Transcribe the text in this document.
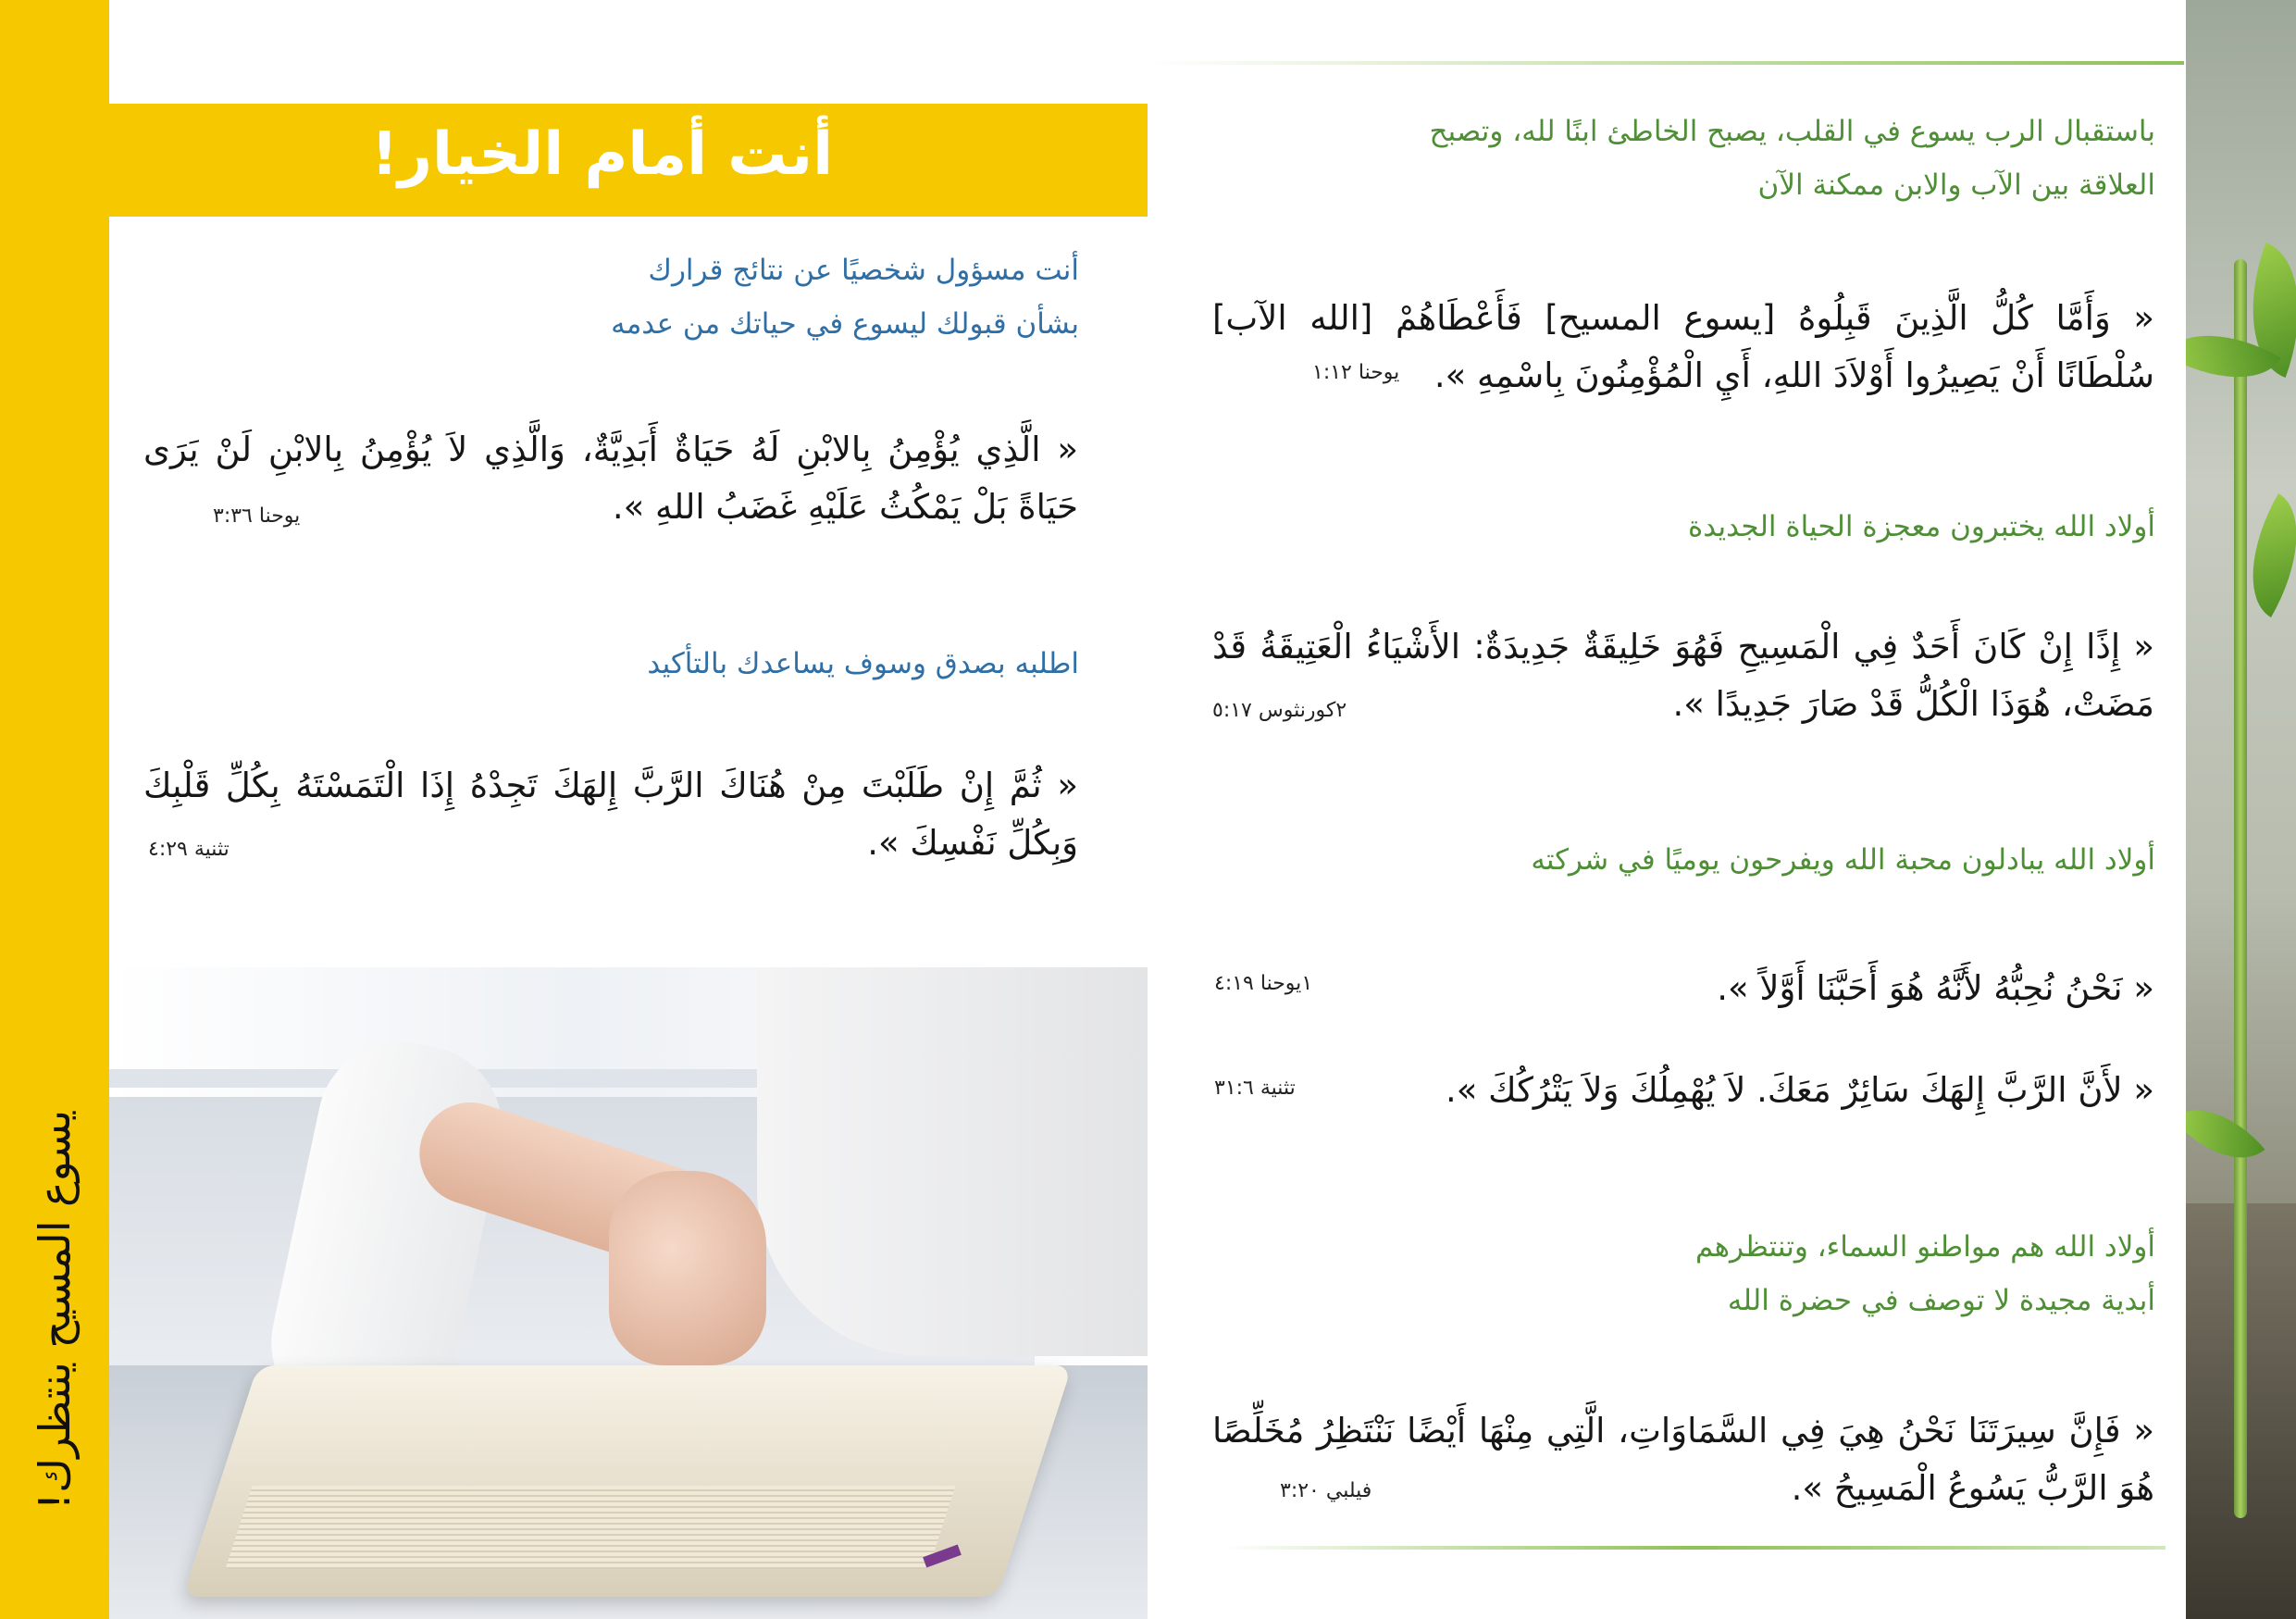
يسوع المسيح ينتظرك!
أنت أمام الخيار!
أنت مسؤول شخصيًا عن نتائج قرارك
بشأن قبولك ليسوع في حياتك من عدمه
« الَّذِي يُؤْمِنُ بِالابْنِ لَهُ حَيَاةٌ أَبَدِيَّةٌ، وَالَّذِي لاَ يُؤْمِنُ بِالابْنِ لَنْ يَرَى حَيَاةً بَلْ يَمْكُثُ عَلَيْهِ غَضَبُ اللهِ ».
يوحنا ٣:٣٦
اطلبه بصدق وسوف يساعدك بالتأكيد
« ثُمَّ إِنْ طَلَبْتَ مِنْ هُنَاكَ الرَّبَّ إِلهَكَ تَجِدْهُ إِذَا الْتَمَسْتَهُ بِكُلِّ قَلْبِكَ وَبِكُلِّ نَفْسِكَ ».
تثنية ٤:٢٩
باستقبال الرب يسوع في القلب، يصبح الخاطئ ابنًا لله، وتصبح
العلاقة بين الآب والابن ممكنة الآن
« وَأَمَّا كُلُّ الَّذِينَ قَبِلُوهُ [يسوع المسيح] فَأَعْطَاهُمْ [الله الآب] سُلْطَانًا أَنْ يَصِيرُوا أَوْلاَدَ اللهِ، أَيِ الْمُؤْمِنُونَ بِاسْمِهِ ».
يوحنا ١:١٢
أولاد الله يختبرون معجزة الحياة الجديدة
« إِذًا إِنْ كَانَ أَحَدٌ فِي الْمَسِيحِ فَهُوَ خَلِيقَةٌ جَدِيدَةٌ: الأَشْيَاءُ الْعَتِيقَةُ قَدْ مَضَتْ، هُوَذَا الْكُلُّ قَدْ صَارَ جَدِيدًا ».
٢كورنثوس ٥:١٧
أولاد الله يبادلون محبة الله ويفرحون يوميًا في شركته
« نَحْنُ نُحِبُّهُ لأَنَّهُ هُوَ أَحَبَّنَا أَوَّلاً ».
١يوحنا ٤:١٩
« لأَنَّ الرَّبَّ إِلهَكَ سَائِرٌ مَعَكَ. لاَ يُهْمِلُكَ وَلاَ يَتْرُكُكَ ».
تثنية ٣١:٦
أولاد الله هم مواطنو السماء، وتنتظرهم
أبدية مجيدة لا توصف في حضرة الله
« فَإِنَّ سِيرَتَنَا نَحْنُ هِيَ فِي السَّمَاوَاتِ، الَّتِي مِنْهَا أَيْضًا نَنْتَظِرُ مُخَلِّصًا هُوَ الرَّبُّ يَسُوعُ الْمَسِيحُ ».
فيلبي ٣:٢٠
